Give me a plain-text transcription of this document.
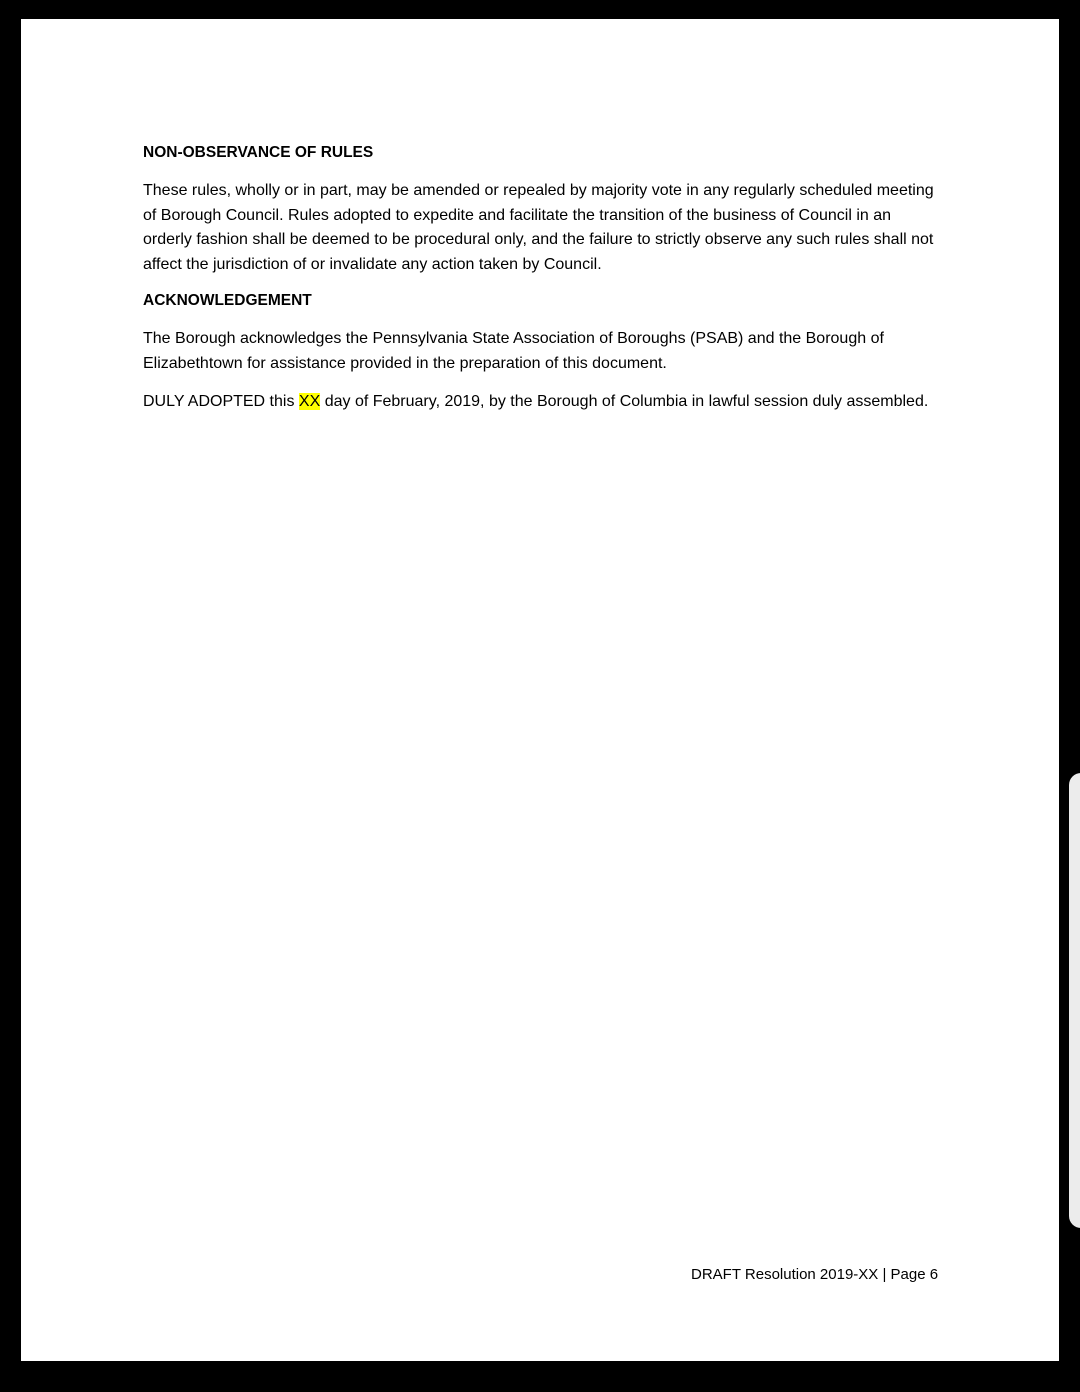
NON-OBSERVANCE OF RULES

These rules, wholly or in part, may be amended or repealed by majority vote in any regularly scheduled meeting of Borough Council. Rules adopted to expedite and facilitate the transition of the business of Council in an orderly fashion shall be deemed to be procedural only, and the failure to strictly observe any such rules shall not affect the jurisdiction of or invalidate any action taken by Council.

ACKNOWLEDGEMENT

The Borough acknowledges the Pennsylvania State Association of Boroughs (PSAB) and the Borough of Elizabethtown for assistance provided in the preparation of this document.

DULY ADOPTED this XX day of February, 2019, by the Borough of Columbia in lawful session duly assembled.

DRAFT Resolution 2019-XX | Page 6
